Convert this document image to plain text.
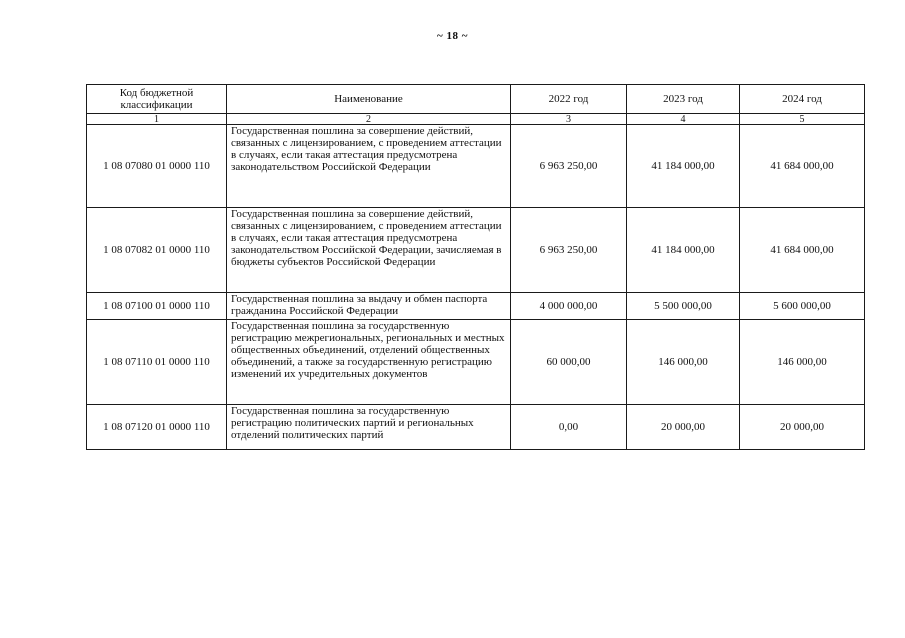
~ 18 ~
Код бюджетной классификации	Наименование	2022 год	2023 год	2024 год
1	2	3	4	5
1 08 07080 01 0000 110	Государственная пошлина за совершение действий, связанных с лицензированием, с проведением аттестации в случаях, если такая аттестация предусмотрена законодательством Российской Федерации	6 963 250,00	41 184 000,00	41 684 000,00
1 08 07082 01 0000 110	Государственная пошлина за совершение действий, связанных с лицензированием, с проведением аттестации в случаях, если такая аттестация предусмотрена законодательством Российской Федерации, зачисляемая в бюджеты субъектов Российской Федерации	6 963 250,00	41 184 000,00	41 684 000,00
1 08 07100 01 0000 110	Государственная пошлина за выдачу и обмен паспорта гражданина Российской Федерации	4 000 000,00	5 500 000,00	5 600 000,00
1 08 07110 01 0000 110	Государственная пошлина за государственную регистрацию межрегиональных, региональных и местных общественных объединений, отделений общественных объединений, а также за государственную регистрацию изменений их учредительных документов	60 000,00	146 000,00	146 000,00
1 08 07120 01 0000 110	Государственная пошлина за государственную регистрацию политических партий и региональных отделений политических партий	0,00	20 000,00	20 000,00
